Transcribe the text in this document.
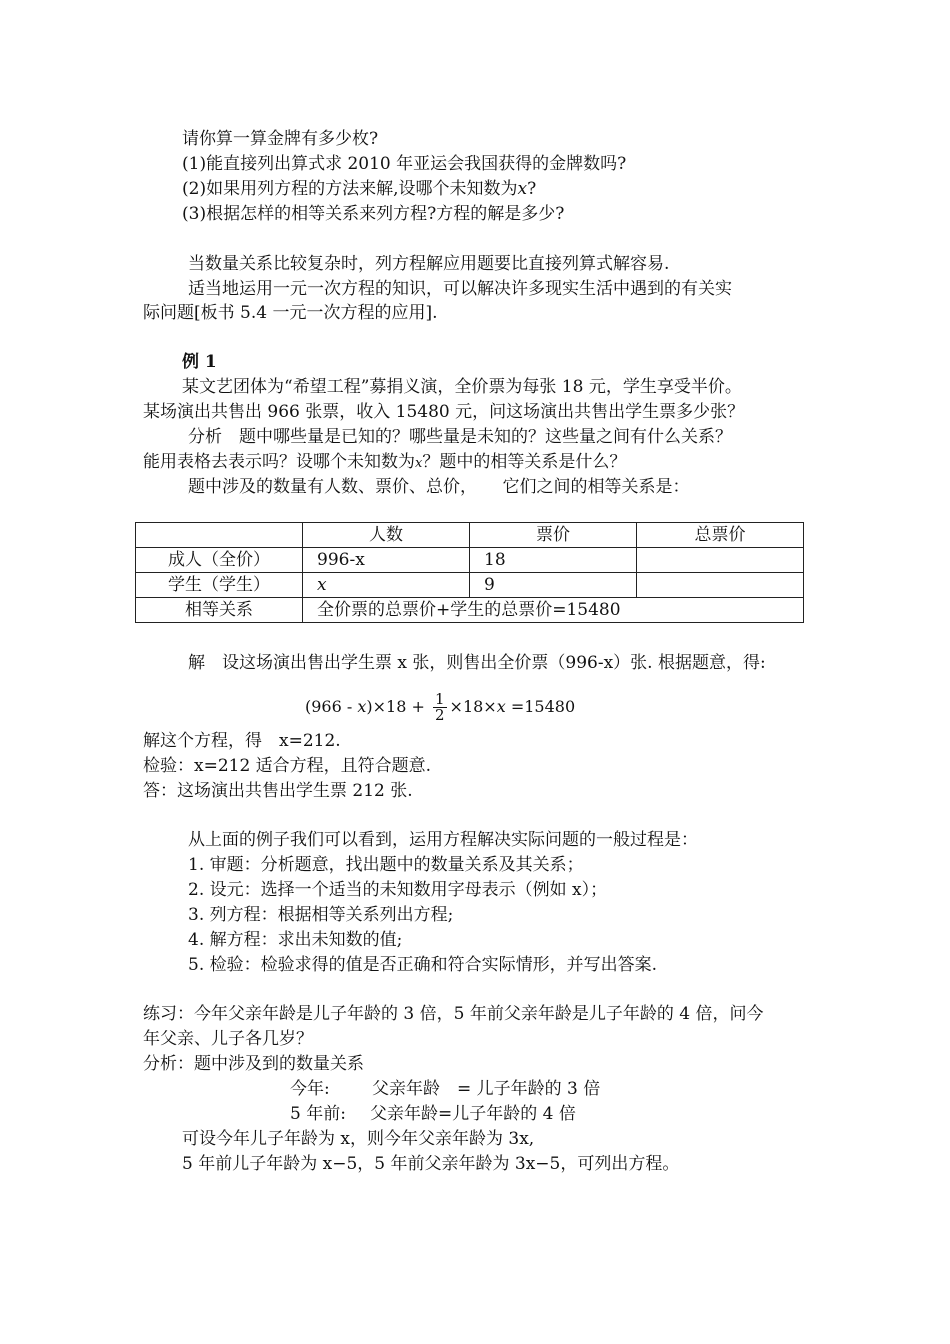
请你算一算金牌有多少枚?
(1)能直接列出算式求 2010 年亚运会我国获得的金牌数吗?
(2)如果用列方程的方法来解,设哪个未知数为x?
(3)根据怎样的相等关系来列方程?方程的解是多少?
当数量关系比较复杂时，列方程解应用题要比直接列算式解容易.
适当地运用一元一次方程的知识，可以解决许多现实生活中遇到的有关实
际问题[板书 5.4 一元一次方程的应用].
例 1
某文艺团体为“希望工程”募捐义演，全价票为每张 18 元，学生享受半价。
某场演出共售出 966 张票，收入 15480 元，问这场演出共售出学生票多少张？
分析　题中哪些量是已知的？哪些量是未知的？这些量之间有什么关系？
能用表格去表示吗？设哪个未知数为x？题中的相等关系是什么？
题中涉及的数量有人数、票价、总价，　　它们之间的相等关系是：
	人数	票价	总票价
成人（全价）	996-x	18	
学生（学生）	x	9	
相等关系	全价票的总票价+学生的总票价=15480		
解　设这场演出售出学生票 x 张，则售出全价票（996-x）张. 根据题意，得:
$(966 - x)\times 18 + \frac{1}{2} \times 18\times x =15480$
解这个方程，得　x=212.
检验：x=212 适合方程，且符合题意.
答：这场演出共售出学生票 212 张.
从上面的例子我们可以看到，运用方程解决实际问题的一般过程是：
1. 审题：分析题意，找出题中的数量关系及其关系；
2. 设元：选择一个适当的未知数用字母表示（例如 x）；
3. 列方程：根据相等关系列出方程;
4. 解方程：求出未知数的值;
5. 检验：检验求得的值是否正确和符合实际情形，并写出答案.
练习：今年父亲年龄是儿子年龄的 3 倍，5 年前父亲年龄是儿子年龄的 4 倍，问今
年父亲、儿子各几岁？
分析：题中涉及到的数量关系
今年: 父亲年龄　= 儿子年龄的 3 倍
5 年前: 父亲年龄=儿子年龄的 4 倍
可设今年儿子年龄为 x，则今年父亲年龄为 3x,
5 年前儿子年龄为 x−5，5 年前父亲年龄为 3x−5，可列出方程。
